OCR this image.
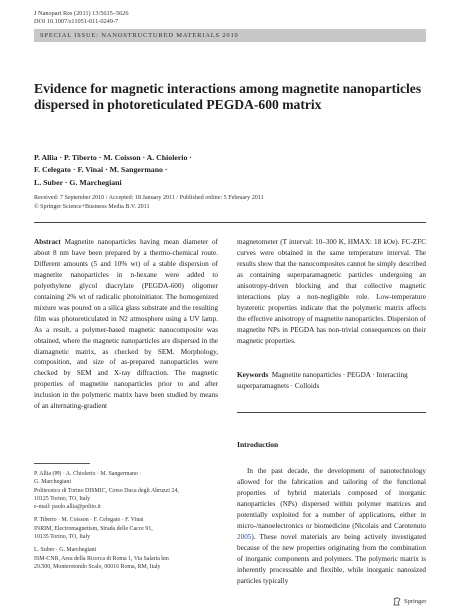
J Nanopart Res (2011) 13:5615–5626
DOI 10.1007/s11051-011-0249-7
SPECIAL ISSUE: NANOSTRUCTURED MATERIALS 2010
Evidence for magnetic interactions among magnetite nanoparticles dispersed in photoreticulated PEGDA-600 matrix
P. Allia · P. Tiberto · M. Coisson · A. Chiolerio ·
F. Celegato · F. Vinai · M. Sangermano ·
L. Suber · G. Marchegiani
Received: 7 September 2010 / Accepted: 18 January 2011 / Published online: 5 February 2011
© Springer Science+Business Media B.V. 2011
Abstract Magnetite nanoparticles having mean diameter of about 8 nm have been prepared by a thermo-chemical route. Different amounts (5 and 10% wt) of a stable dispersion of magnetite nanoparticles in n-hexane were added to polyethylene glycol diacrylate (PEGDA-600) oligomer containing 2% wt of radicalic photoinitiator. The homogenized mixture was poured on a silica glass substrate and the resulting film was photoreticulated in N2 atmosphere using a UV lamp. As a result, a polymer-based magnetic nanocomposite was obtained, where the magnetic nanoparticles are dispersed in the diamagnetic matrix, as checked by SEM. Morphology, composition, and size of as-prepared nanoparticles were checked by SEM and X-ray diffraction. The magnetic properties of magnetite nanoparticles prior to and after inclusion in the polymeric matrix have been studied by means of an alternating-gradient
magnetometer (T interval: 10–300 K, HMAX: 18 kOe). FC-ZFC curves were obtained in the same temperature interval. The results show that the nanocomposites cannot be simply described as containing superparamagnetic particles undergoing an anisotropy-driven blocking and that collective magnetic interactions play a non-negligible role. Low-temperature hysteretic properties indicate that the polymeric matrix affects the effective anisotropy of magnetite nanoparticles. Dispersion of magnetite NPs in PEGDA has non-trivial consequences on their magnetic properties.
Keywords Magnetite nanoparticles · PEGDA · Interacting superparamagnets · Colloids
Introduction

In the past decade, the development of nanotechnology allowed for the fabrication and tailoring of the functional properties of hybrid materials composed of inorganic nanoparticles (NPs) dispersed within polymer matrices and potentially exploited for a number of applications, either in micro-/nanoelectronics or biomedicine (Nicolais and Carotenuto 2005). These novel materials are being actively investigated because of the new properties originating from the combination of inorganic components and polymers. The polymeric matrix is inherently processable and flexible, while inorganic nanosized particles typically

P. Allia (✉) · A. Chiolerio · M. Sangermano ·
G. Marchegiani
Politecnico di Torino DISMIC, Corso Duca degli Abruzzi 24,
10125 Torino, TO, Italy
e-mail: paolo.allia@polito.it

P. Tiberto · M. Coisson · F. Celegato · F. Vinai
INRIM, Electromagnetism, Strada delle Cacce 91,
10135 Torino, TO, Italy

L. Suber · G. Marchegiani
ISM-CNR, Area della Ricerca di Roma 1, Via Salaria km
29.500, Monterotondo Scalo, 00016 Roma, RM, Italy

Springer
